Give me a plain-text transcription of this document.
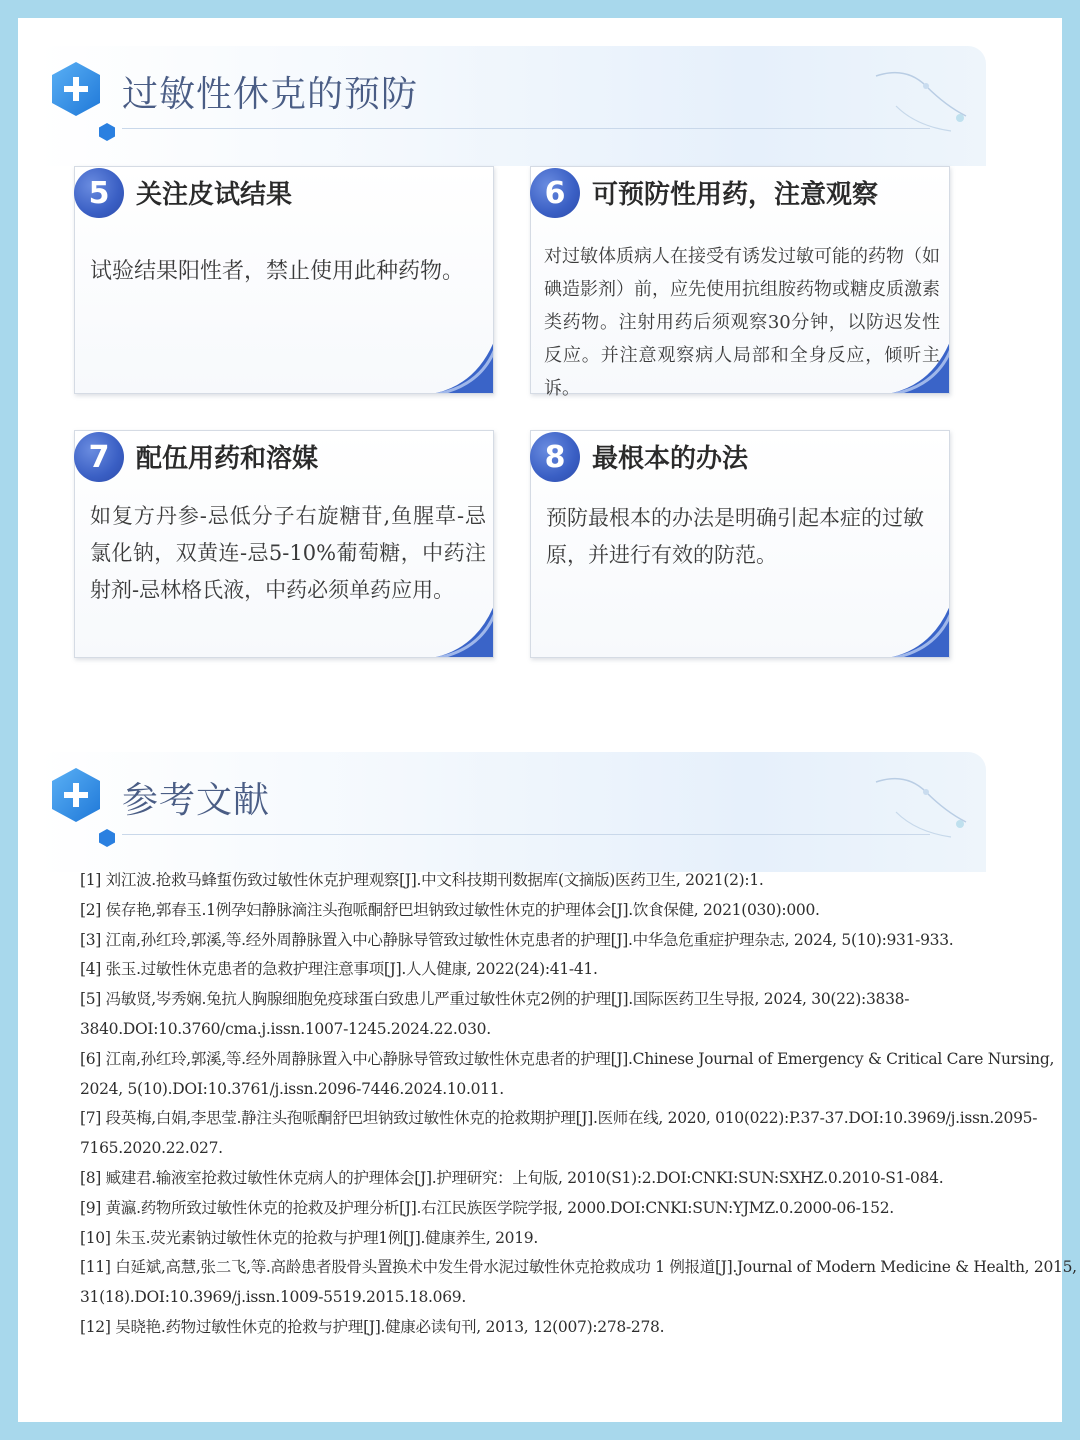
过敏性休克的预防
5	关注皮试结果
试验结果阳性者，禁止使用此种药物。
6	可预防性用药，注意观察
对过敏体质病人在接受有诱发过敏可能的药物（如碘造影剂）前，应先使用抗组胺药物或糖皮质激素类药物。注射用药后须观察30分钟，以防迟发性反应。并注意观察病人局部和全身反应，倾听主诉。
7	配伍用药和溶媒
如复方丹参-忌低分子右旋糖苷,鱼腥草-忌氯化钠，双黄连-忌5-10%葡萄糖，中药注射剂-忌林格氏液，中药必须单药应用。
8	最根本的办法
预防最根本的办法是明确引起本症的过敏原，并进行有效的防范。
参考文献
[1] 刘江波.抢救马蜂蜇伤致过敏性休克护理观察[J].中文科技期刊数据库(文摘版)医药卫生, 2021(2):1.
[2] 侯存艳,郭春玉.1例孕妇静脉滴注头孢哌酮舒巴坦钠致过敏性休克的护理体会[J].饮食保健, 2021(030):000.
[3] 江南,孙红玲,郭溪,等.经外周静脉置入中心静脉导管致过敏性休克患者的护理[J].中华急危重症护理杂志, 2024, 5(10):931-933.
[4] 张玉.过敏性休克患者的急救护理注意事项[J].人人健康, 2022(24):41-41.
[5] 冯敏贤,岑秀娴.兔抗人胸腺细胞免疫球蛋白致患儿严重过敏性休克2例的护理[J].国际医药卫生导报, 2024, 30(22):3838-
3840.DOI:10.3760/cma.j.issn.1007-1245.2024.22.030.
[6] 江南,孙红玲,郭溪,等.经外周静脉置入中心静脉导管致过敏性休克患者的护理[J].Chinese Journal of Emergency & Critical Care Nursing,
2024, 5(10).DOI:10.3761/j.issn.2096-7446.2024.10.011.
[7] 段英梅,白娟,李思莹.静注头孢哌酮舒巴坦钠致过敏性休克的抢救期护理[J].医师在线, 2020, 010(022):P.37-37.DOI:10.3969/j.issn.2095-
7165.2020.22.027.
[8] 臧建君.输液室抢救过敏性休克病人的护理体会[J].护理研究：上旬版, 2010(S1):2.DOI:CNKI:SUN:SXHZ.0.2010-S1-084.
[9] 黄瀛.药物所致过敏性休克的抢救及护理分析[J].右江民族医学院学报, 2000.DOI:CNKI:SUN:YJMZ.0.2000-06-152.
[10] 朱玉.荧光素钠过敏性休克的抢救与护理1例[J].健康养生, 2019.
[11] 白延斌,高慧,张二飞,等.高龄患者股骨头置换术中发生骨水泥过敏性休克抢救成功 1 例报道[J].Journal of Modern Medicine & Health, 2015,
31(18).DOI:10.3969/j.issn.1009-5519.2015.18.069.
[12] 吴晓艳.药物过敏性休克的抢救与护理[J].健康必读旬刊, 2013, 12(007):278-278.
